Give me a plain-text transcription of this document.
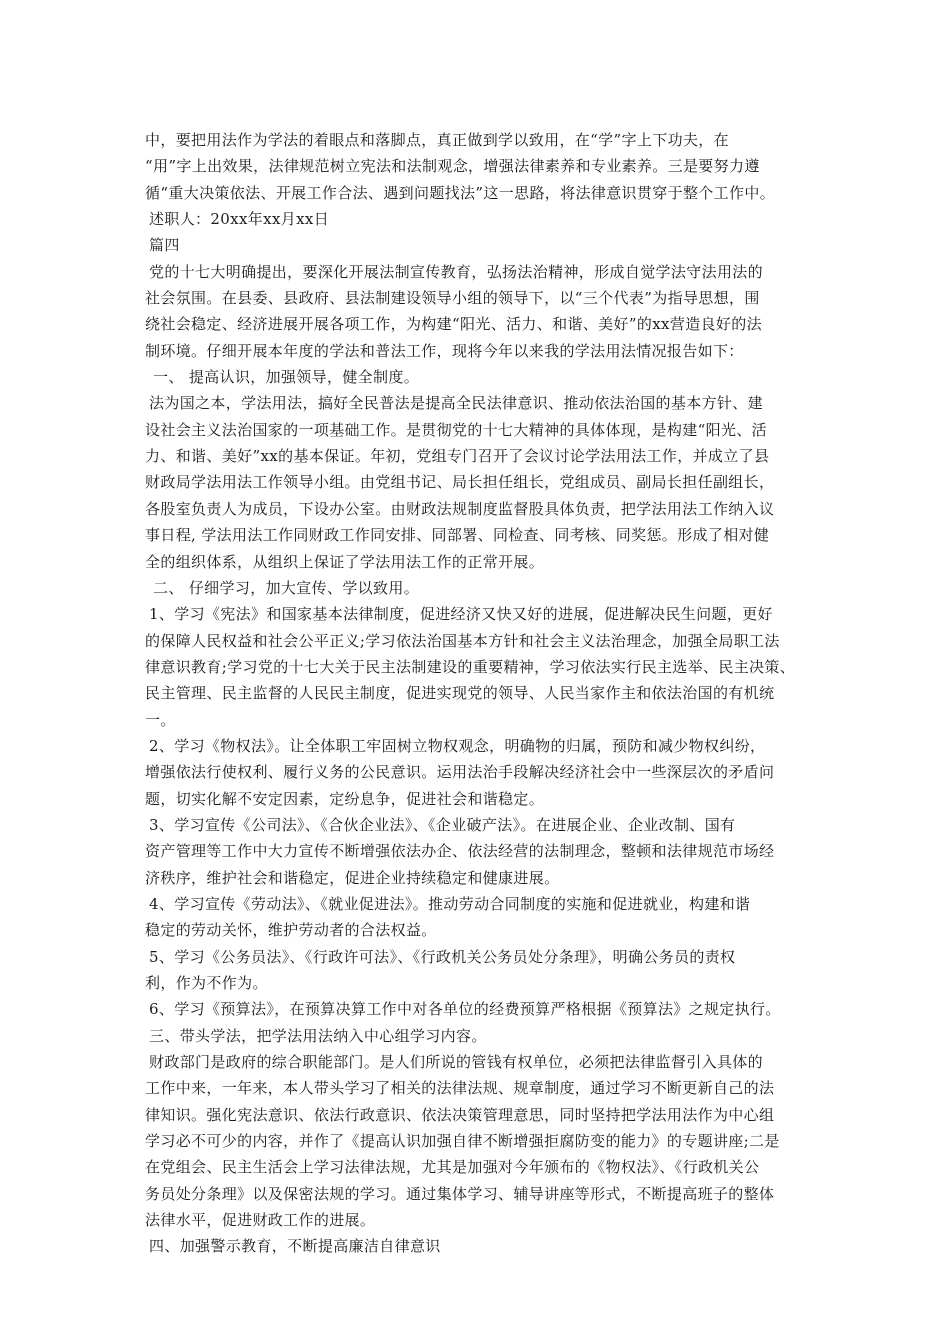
中，要把用法作为学法的着眼点和落脚点，真正做到学以致用，在“学”字上下功夫，在
“用”字上出效果，法律规范树立宪法和法制观念，增强法律素养和专业素养。三是要努力遵
循“重大决策依法、开展工作合法、遇到问题找法”这一思路，将法律意识贯穿于整个工作中。
述职人：20xx年xx月xx日
篇四
党的十七大明确提出，要深化开展法制宣传教育，弘扬法治精神，形成自觉学法守法用法的
社会氛围。在县委、县政府、县法制建设领导小组的领导下，以“三个代表”为指导思想，围
绕社会稳定、经济进展开展各项工作，为构建“阳光、活力、和谐、美好”的xx营造良好的法
制环境。仔细开展本年度的学法和普法工作，现将今年以来我的学法用法情况报告如下：
一、 提高认识，加强领导，健全制度。
法为国之本，学法用法，搞好全民普法是提高全民法律意识、推动依法治国的基本方针、建
设社会主义法治国家的一项基础工作。是贯彻党的十七大精神的具体体现，是构建“阳光、活
力、和谐、美好”xx的基本保证。年初，党组专门召开了会议讨论学法用法工作，并成立了县
财政局学法用法工作领导小组。由党组书记、局长担任组长，党组成员、副局长担任副组长，
各股室负责人为成员，下设办公室。由财政法规制度监督股具体负责，把学法用法工作纳入议
事日程, 学法用法工作同财政工作同安排、同部署、同检查、同考核、同奖惩。形成了相对健
全的组织体系，从组织上保证了学法用法工作的正常开展。
二、 仔细学习，加大宣传、学以致用。
1、学习《宪法》和国家基本法律制度，促进经济又快又好的进展，促进解决民生问题，更好
的保障人民权益和社会公平正义;学习依法治国基本方针和社会主义法治理念，加强全局职工法
律意识教育;学习党的十七大关于民主法制建设的重要精神，学习依法实行民主选举、民主决策、
民主管理、民主监督的人民民主制度，促进实现党的领导、人民当家作主和依法治国的有机统
一。
2、学习《物权法》。让全体职工牢固树立物权观念，明确物的归属，预防和减少物权纠纷，
增强依法行使权利、履行义务的公民意识。运用法治手段解决经济社会中一些深层次的矛盾问
题，切实化解不安定因素，定纷息争，促进社会和谐稳定。
3、学习宣传《公司法》、《合伙企业法》、《企业破产法》。在进展企业、企业改制、国有
资产管理等工作中大力宣传不断增强依法办企、依法经营的法制理念，整顿和法律规范市场经
济秩序，维护社会和谐稳定，促进企业持续稳定和健康进展。
4、学习宣传《劳动法》、《就业促进法》。推动劳动合同制度的实施和促进就业，构建和谐
稳定的劳动关怀，维护劳动者的合法权益。
5、学习《公务员法》、《行政许可法》、《行政机关公务员处分条理》，明确公务员的责权
利，作为不作为。
6、学习《预算法》，在预算决算工作中对各单位的经费预算严格根据《预算法》之规定执行。
三、带头学法，把学法用法纳入中心组学习内容。
财政部门是政府的综合职能部门。是人们所说的管钱有权单位，必须把法律监督引入具体的
工作中来，一年来，本人带头学习了相关的法律法规、规章制度，通过学习不断更新自己的法
律知识。强化宪法意识、依法行政意识、依法决策管理意思，同时坚持把学法用法作为中心组
学习必不可少的内容，并作了《提高认识加强自律不断增强拒腐防变的能力》的专题讲座;二是
在党组会、民主生活会上学习法律法规，尤其是加强对今年颁布的《物权法》、《行政机关公
务员处分条理》以及保密法规的学习。通过集体学习、辅导讲座等形式，不断提高班子的整体
法律水平，促进财政工作的进展。
四、加强警示教育，不断提高廉洁自律意识
